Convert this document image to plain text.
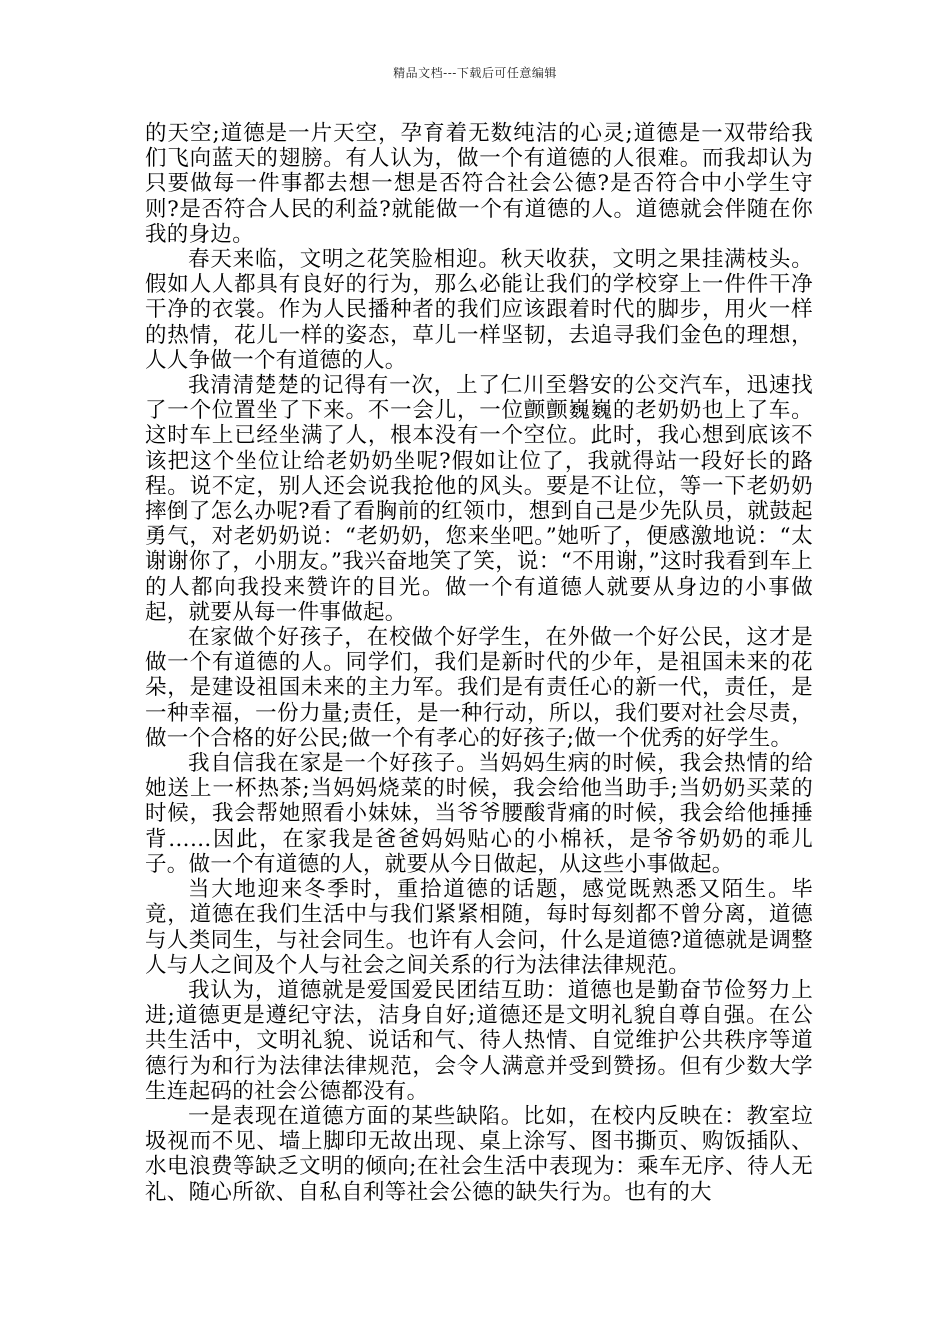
精品文档---下载后可任意编辑

的天空;道德是一片天空，孕育着无数纯洁的心灵;道德是一双带给我们飞向蓝天的翅膀。有人认为，做一个有道德的人很难。而我却认为只要做每一件事都去想一想是否符合社会公德?是否符合中小学生守则?是否符合人民的利益?就能做一个有道德的人。道德就会伴随在你我的身边。

春天来临，文明之花笑脸相迎。秋天收获，文明之果挂满枝头。假如人人都具有良好的行为，那么必能让我们的学校穿上一件件干净干净的衣裳。作为人民播种者的我们应该跟着时代的脚步，用火一样的热情，花儿一样的姿态，草儿一样坚韧，去追寻我们金色的理想，人人争做一个有道德的人。

我清清楚楚的记得有一次，上了仁川至磐安的公交汽车，迅速找了一个位置坐了下来。不一会儿，一位颤颤巍巍的老奶奶也上了车。这时车上已经坐满了人，根本没有一个空位。此时，我心想到底该不该把这个坐位让给老奶奶坐呢?假如让位了，我就得站一段好长的路程。说不定，别人还会说我抢他的风头。要是不让位，等一下老奶奶摔倒了怎么办呢?看了看胸前的红领巾，想到自己是少先队员，就鼓起勇气，对老奶奶说：“老奶奶，您来坐吧。”她听了，便感激地说：“太谢谢你了，小朋友。”我兴奋地笑了笑，说：“不用谢，”这时我看到车上的人都向我投来赞许的目光。做一个有道德人就要从身边的小事做起，就要从每一件事做起。

在家做个好孩子，在校做个好学生，在外做一个好公民，这才是做一个有道德的人。同学们，我们是新时代的少年，是祖国未来的花朵，是建设祖国未来的主力军。我们是有责任心的新一代，责任，是一种幸福，一份力量;责任，是一种行动，所以，我们要对社会尽责，做一个合格的好公民;做一个有孝心的好孩子;做一个优秀的好学生。

我自信我在家是一个好孩子。当妈妈生病的时候，我会热情的给她送上一杯热茶;当妈妈烧菜的时候，我会给他当助手;当奶奶买菜的时候，我会帮她照看小妹妹，当爷爷腰酸背痛的时候，我会给他捶捶背……因此，在家我是爸爸妈妈贴心的小棉袄，是爷爷奶奶的乖儿子。做一个有道德的人，就要从今日做起，从这些小事做起。

当大地迎来冬季时，重拾道德的话题，感觉既熟悉又陌生。毕竟，道德在我们生活中与我们紧紧相随，每时每刻都不曾分离，道德与人类同生，与社会同生。也许有人会问，什么是道德?道德就是调整人与人之间及个人与社会之间关系的行为法律法律规范。

我认为，道德就是爱国爱民团结互助：道德也是勤奋节俭努力上进;道德更是遵纪守法，洁身自好;道德还是文明礼貌自尊自强。在公共生活中，文明礼貌、说话和气、待人热情、自觉维护公共秩序等道德行为和行为法律法律规范，会令人满意并受到赞扬。但有少数大学生连起码的社会公德都没有。

一是表现在道德方面的某些缺陷。比如，在校内反映在：教室垃圾视而不见、墙上脚印无故出现、桌上涂写、图书撕页、购饭插队、水电浪费等缺乏文明的倾向;在社会生活中表现为：乘车无序、待人无礼、随心所欲、自私自利等社会公德的缺失行为。也有的大
